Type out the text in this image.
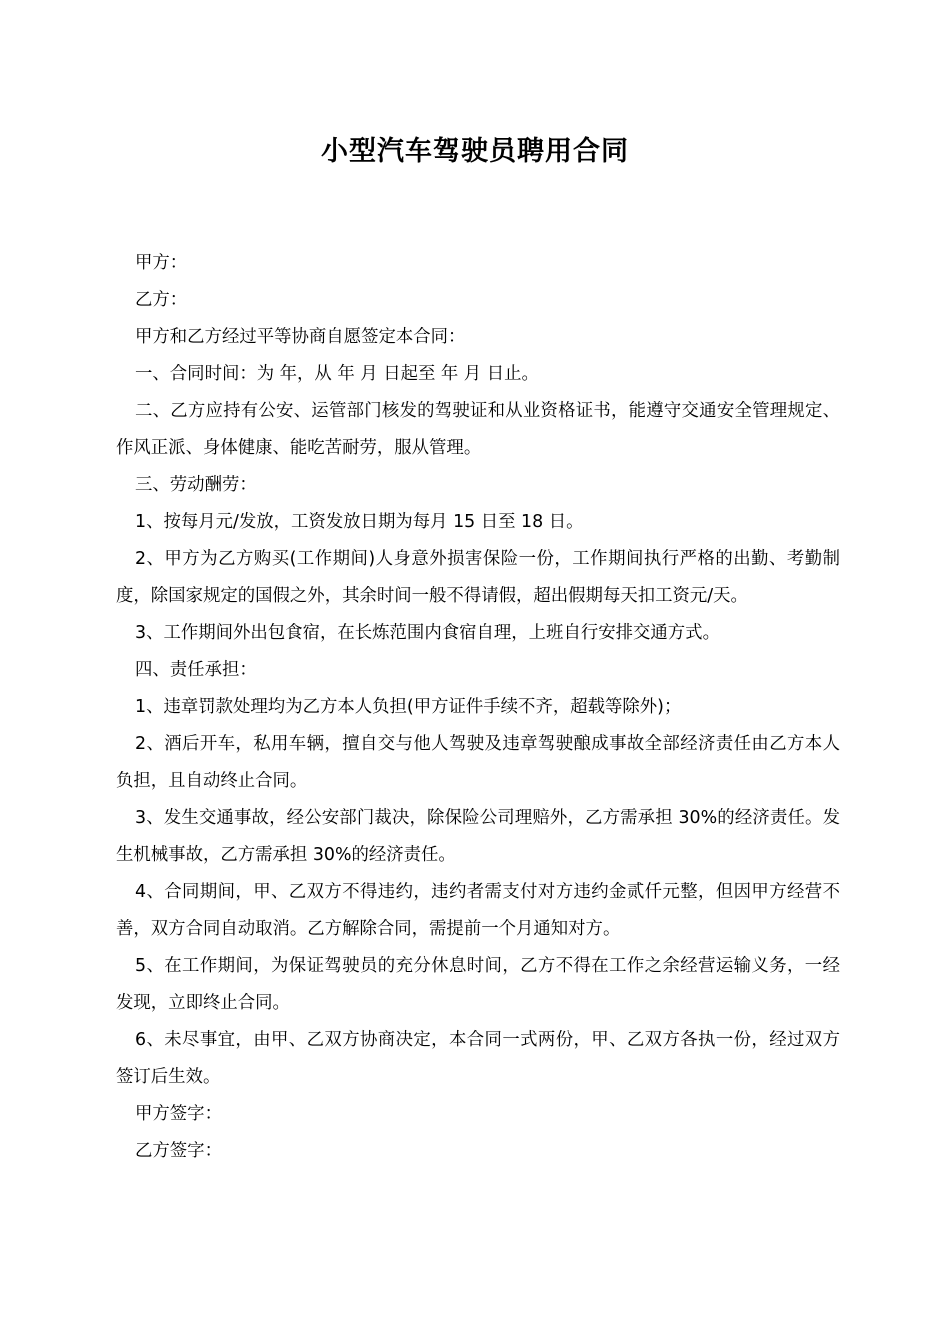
小型汽车驾驶员聘用合同

甲方：

乙方：

甲方和乙方经过平等协商自愿签定本合同：

一、合同时间：为 年，从 年 月 日起至 年 月 日止。

二、乙方应持有公安、运管部门核发的驾驶证和从业资格证书，能遵守交通安全管理规定、作风正派、身体健康、能吃苦耐劳，服从管理。

三、劳动酬劳：

1、按每月元/发放，工资发放日期为每月 15 日至 18 日。

2、甲方为乙方购买(工作期间)人身意外损害保险一份，工作期间执行严格的出勤、考勤制度，除国家规定的国假之外，其余时间一般不得请假，超出假期每天扣工资元/天。

3、工作期间外出包食宿，在长炼范围内食宿自理，上班自行安排交通方式。

四、责任承担：

1、违章罚款处理均为乙方本人负担(甲方证件手续不齐，超载等除外)；

2、酒后开车，私用车辆，擅自交与他人驾驶及违章驾驶酿成事故全部经济责任由乙方本人负担，且自动终止合同。

3、发生交通事故，经公安部门裁决，除保险公司理赔外，乙方需承担 30%的经济责任。发生机械事故，乙方需承担 30%的经济责任。

4、合同期间，甲、乙双方不得违约，违约者需支付对方违约金贰仟元整，但因甲方经营不善，双方合同自动取消。乙方解除合同，需提前一个月通知对方。

5、在工作期间，为保证驾驶员的充分休息时间，乙方不得在工作之余经营运输义务，一经发现，立即终止合同。

6、未尽事宜，由甲、乙双方协商决定，本合同一式两份，甲、乙双方各执一份，经过双方签订后生效。

甲方签字：

乙方签字：
